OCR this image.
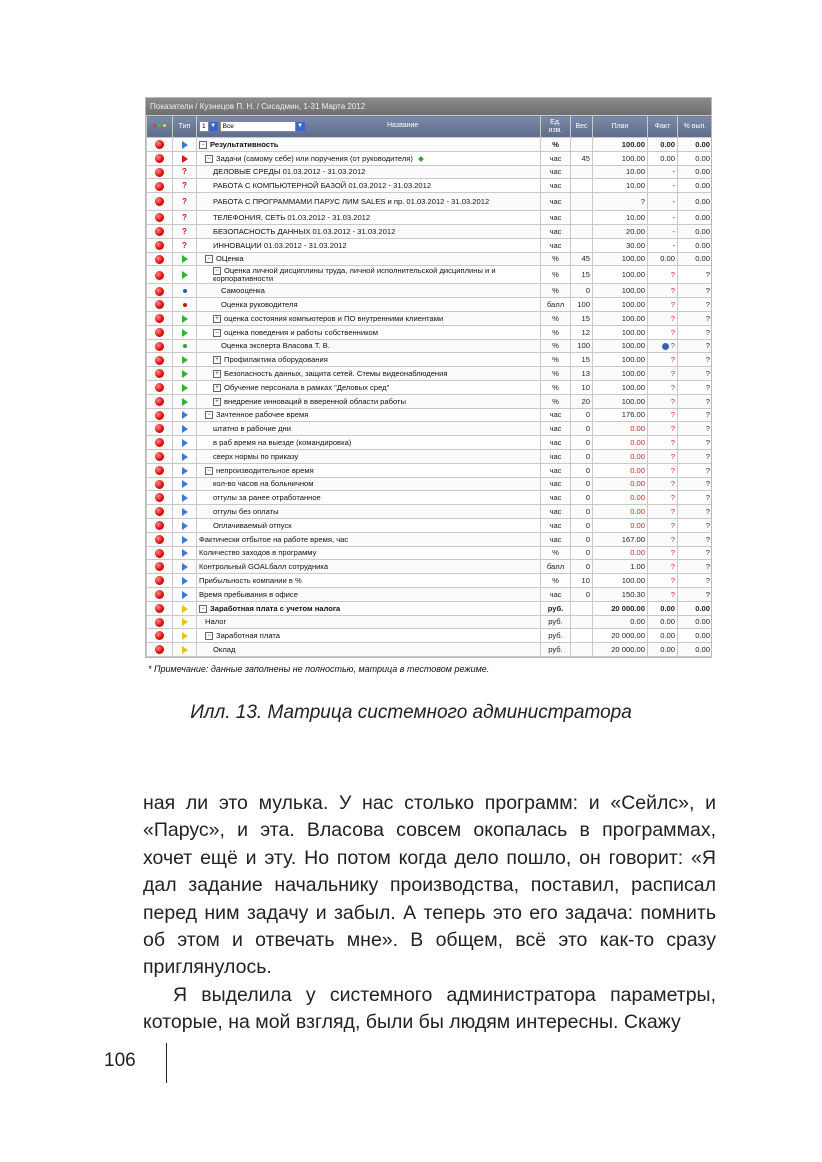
Показатели / Кузнецов П. Н. / Сисадмин, 1-31 Марта 2012
	Тип	1 ▼ Все ▼ Название	Ед. изм.	Вес	План	Факт	% вып.
		− Результативность	%		100.00	0.00	0.00
		− Задачи (самому себе) или поручения (от руководителя)	час	45	100.00	0.00	0.00
	?	ДЕЛОВЫЕ СРЕДЫ 01.03.2012 - 31.03.2012	час		10.00	-	0.00
	?	РАБОТА С КОМПЬЮТЕРНОЙ БАЗОЙ 01.03.2012 - 31.03.2012	час		10.00	-	0.00
	?	РАБОТА С ПРОГРАММАМИ ПАРУС ЛИМ SALES и пр. 01.03.2012 - 31.03.2012	час		?	-	0.00
	?	ТЕЛЕФОНИЯ, СЕТЬ 01.03.2012 - 31.03.2012	час		10.00	-	0.00
	?	БЕЗОПАСНОСТЬ ДАННЫХ 01.03.2012 - 31.03.2012	час		20.00	-	0.00
	?	ИННОВАЦИИ 01.03.2012 - 31.03.2012	час		30.00	-	0.00
		− ОЦенка	%	45	100.00	0.00	0.00
		− Оценка личной дисциплины труда, личной исполнительской дисциплины и и корпоративности	%	15	100.00	?	?
		Самооценка	%	0	100.00	?	?
		Оценка руководителя	балл	100	100.00	?	?
		+ оценка состояния компьютеров и ПО внутренними клиентами	%	15	100.00	?	?
		− оценка поведения и работы собственником	%	12	100.00	?	?
		Оценка эксперта Власова Т. В.	%	100	100.00	?	?
		+ Профилактика оборудования	%	15	100.00	?	?
		+ Безопасность данных, защита сетей. Стемы видеонаблюдения	%	13	100.00	?	?
		+ Обучение персонала в рамках "Деловых сред"	%	10	100.00	?	?
		+ внедрение инноваций в вверенной области работы	%	20	100.00	?	?
		− Зачтенное рабочее время	час	0	176.00	?	?
		штатно в рабочие дни	час	0	0.00	?	?
		в раб время на выезде (командировка)	час	0	0.00	?	?
		сверх нормы по приказу	час	0	0.00	?	?
		− непроизводительное время	час	0	0.00	?	?
		кол-во часов на больничном	час	0	0.00	?	?
		отгулы за ранее отработанное	час	0	0.00	?	?
		отгулы без оплаты	час	0	0.00	?	?
		Оплачиваемый отпуск	час	0	0.00	?	?
		Фактически отбытое на работе время, час	час	0	167.00	?	?
		Количество заходов в программу	%	0	0.00	?	?
		Контрольный GOALбалл сотрудника	балл	0	1.00	?	?
		Прибыльность компании в %	%	10	100.00	?	?
		Время пребывания в офисе	час	0	150.30	?	?
		− Заработная плата с учетом налога	руб.		20 000.00	0.00	0.00
		Налог	руб.		0.00	0.00	0.00
		− Заработная плата	руб.		20 000.00	0.00	0.00
		Оклад	руб.		20 000.00	0.00	0.00
* Примечание: данные заполнены не полностью, матрица в тестовом режиме.
Илл. 13. Матрица системного администратора

ная ли это мулька. У нас столько программ: и «Сейлс», и «Парус», и эта. Власова совсем окопалась в программах, хочет ещё и эту. Но потом когда дело пошло, он говорит: «Я дал задание начальнику производства, поставил, расписал перед ним задачу и забыл. А теперь это его задача: помнить об этом и отвечать мне». В общем, всё это как-то сразу приглянулось.

Я выделила у системного администратора параметры, которые, на мой взгляд, были бы людям интересны. Скажу

106
